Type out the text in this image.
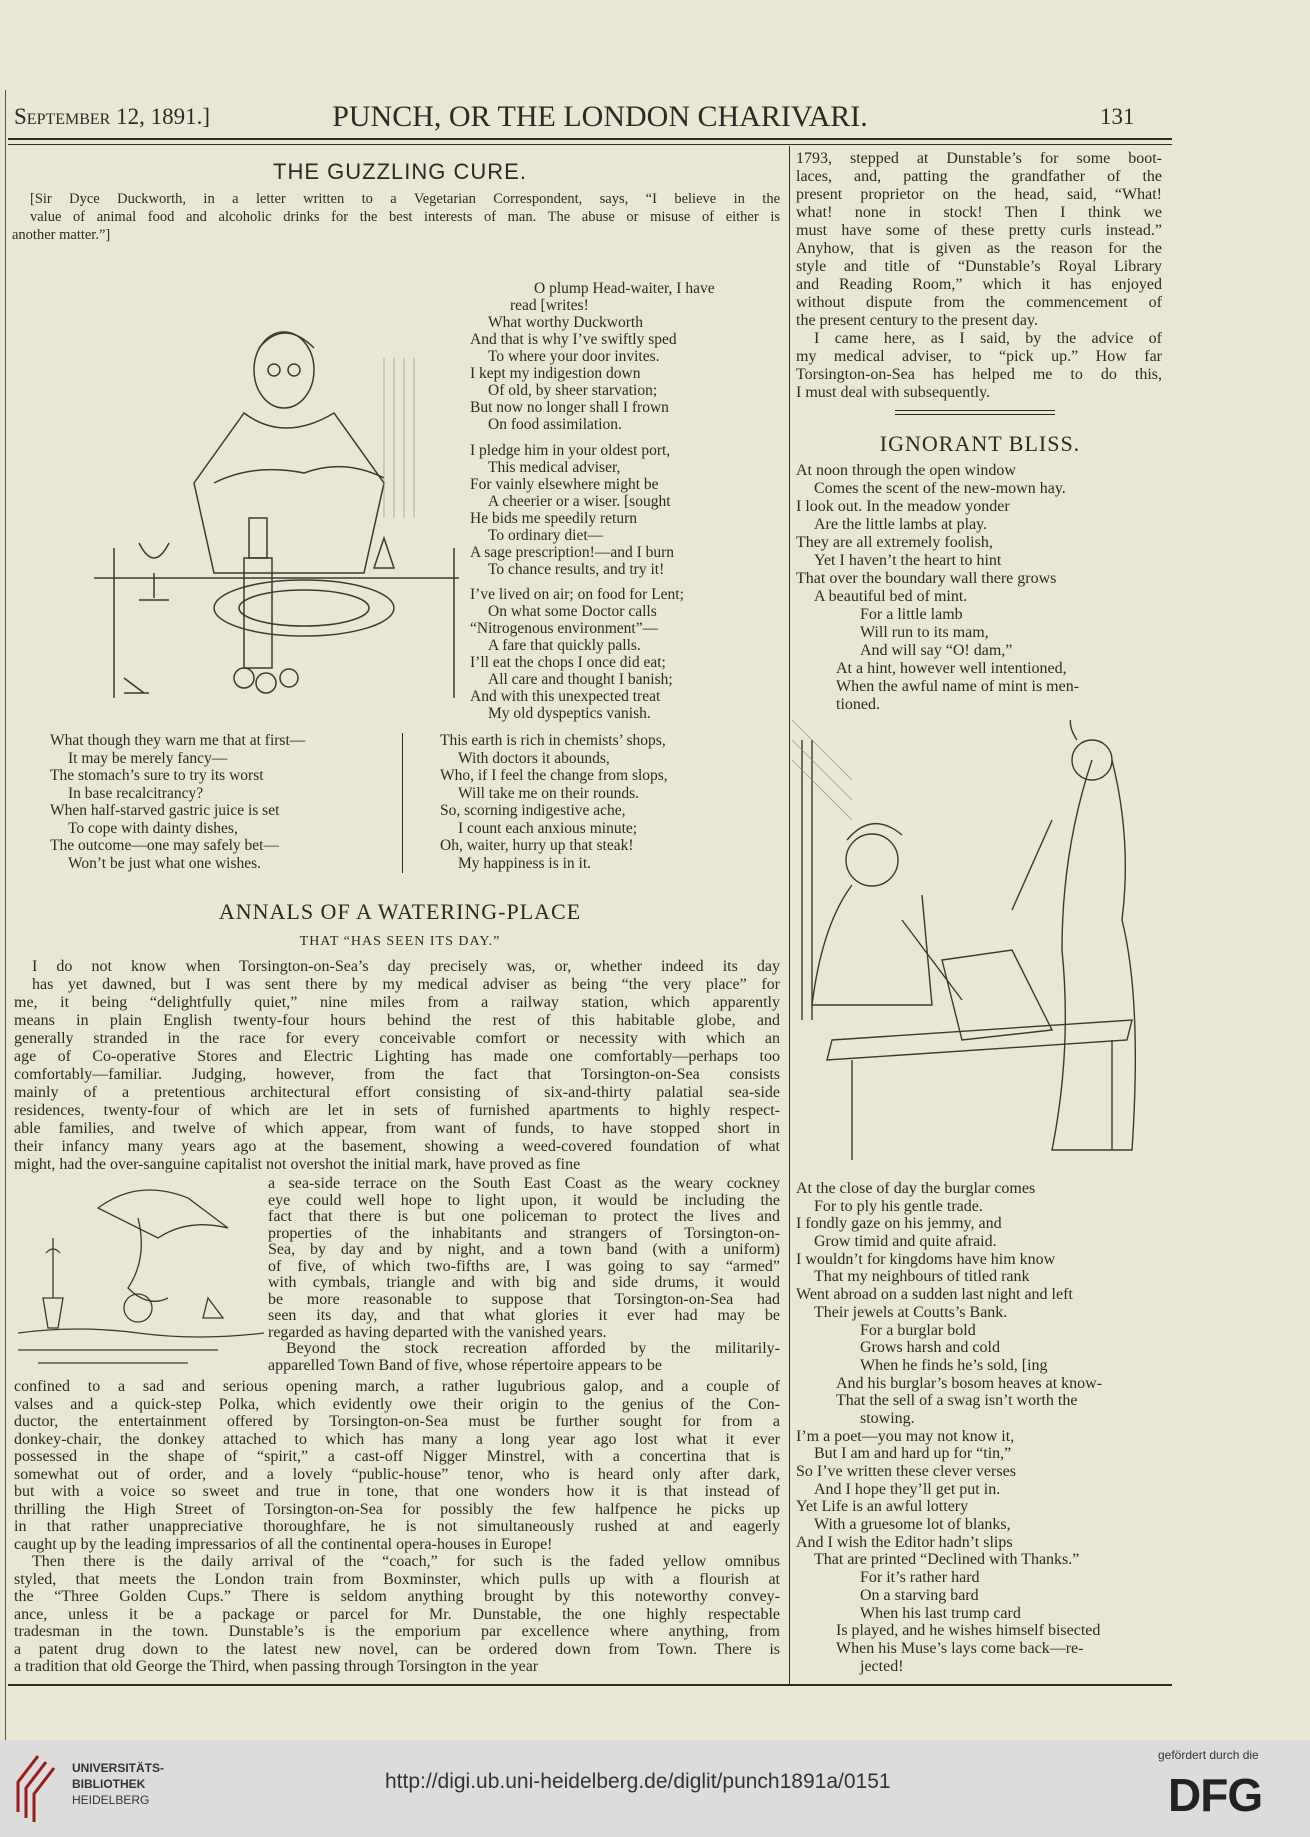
September 12, 1891.]	PUNCH, OR THE LONDON CHARIVARI.	131
THE GUZZLING CURE.
[Sir Dyce Duckworth, in a letter written to a Vegetarian Correspondent, says, “I believe in the
value of animal food and alcoholic drinks for the best interests of man. The abuse or misuse of either is
another matter.”]
O plump Head-waiter, I have
read [writes!
What worthy Duckworth
And that is why I’ve swiftly sped
To where your door invites.
I kept my indigestion down
Of old, by sheer starvation;
But now no longer shall I frown
On food assimilation.
I pledge him in your oldest port,
This medical adviser,
For vainly elsewhere might be
A cheerier or a wiser. [sought
He bids me speedily return
To ordinary diet—
A sage prescription!—and I burn
To chance results, and try it!
I’ve lived on air; on food for Lent;
On what some Doctor calls
“Nitrogenous environment”—
A fare that quickly palls.
I’ll eat the chops I once did eat;
All care and thought I banish;
And with this unexpected treat
My old dyspeptics vanish.
What though they warn me that at first—
It may be merely fancy—
The stomach’s sure to try its worst
In base recalcitrancy?
When half-starved gastric juice is set
To cope with dainty dishes,
The outcome—one may safely bet—
Won’t be just what one wishes.
This earth is rich in chemists’ shops,
With doctors it abounds,
Who, if I feel the change from slops,
Will take me on their rounds.
So, scorning indigestive ache,
I count each anxious minute;
Oh, waiter, hurry up that steak!
My happiness is in it.
ANNALS OF A WATERING-PLACE
THAT “HAS SEEN ITS DAY.”
I do not know when Torsington-on-Sea’s day precisely was, or, whether indeed its day
has yet dawned, but I was sent there by my medical adviser as being “the very place” for
me, it being “delightfully quiet,” nine miles from a railway station, which apparently
means in plain English twenty-four hours behind the rest of this habitable globe, and
generally stranded in the race for every conceivable comfort or necessity with which an
age of Co-operative Stores and Electric Lighting has made one comfortably—perhaps too
comfortably—familiar. Judging, however, from the fact that Torsington-on-Sea consists
mainly of a pretentious architectural effort consisting of six-and-thirty palatial sea-side
residences, twenty-four of which are let in sets of furnished apartments to highly respect-
able families, and twelve of which appear, from want of funds, to have stopped short in
their infancy many years ago at the basement, showing a weed-covered foundation of what
might, had the over-sanguine capitalist not overshot the initial mark, have proved as fine
a sea-side terrace on the South East Coast as the weary cockney
eye could well hope to light upon, it would be including the
fact that there is but one policeman to protect the lives and
properties of the inhabitants and strangers of Torsington-on-
Sea, by day and by night, and a town band (with a uniform)
of five, of which two-fifths are, I was going to say “armed”
with cymbals, triangle and with big and side drums, it would
be more reasonable to suppose that Torsington-on-Sea had
seen its day, and that what glories it ever had may be
regarded as having departed with the vanished years.
Beyond the stock recreation afforded by the militarily-
apparelled Town Band of five, whose répertoire appears to be
confined to a sad and serious opening march, a rather lugubrious galop, and a couple of
valses and a quick-step Polka, which evidently owe their origin to the genius of the Con-
ductor, the entertainment offered by Torsington-on-Sea must be further sought for from a
donkey-chair, the donkey attached to which has many a long year ago lost what it ever
possessed in the shape of “spirit,” a cast-off Nigger Minstrel, with a concertina that is
somewhat out of order, and a lovely “public-house” tenor, who is heard only after dark,
but with a voice so sweet and true in tone, that one wonders how it is that instead of
thrilling the High Street of Torsington-on-Sea for possibly the few halfpence he picks up
in that rather unappreciative thoroughfare, he is not simultaneously rushed at and eagerly
caught up by the leading impressarios of all the continental opera-houses in Europe!
Then there is the daily arrival of the “coach,” for such is the faded yellow omnibus
styled, that meets the London train from Boxminster, which pulls up with a flourish at
the “Three Golden Cups.” There is seldom anything brought by this noteworthy convey-
ance, unless it be a package or parcel for Mr. Dunstable, the one highly respectable
tradesman in the town. Dunstable’s is the emporium par excellence where anything, from
a patent drug down to the latest new novel, can be ordered down from Town. There is
a tradition that old George the Third, when passing through Torsington in the year
1793, stepped at Dunstable’s for some boot-
laces, and, patting the grandfather of the
present proprietor on the head, said, “What!
what! none in stock! Then I think we
must have some of these pretty curls instead.”
Anyhow, that is given as the reason for the
style and title of “Dunstable’s Royal Library
and Reading Room,” which it has enjoyed
without dispute from the commencement of
the present century to the present day.
I came here, as I said, by the advice of
my medical adviser, to “pick up.” How far
Torsington-on-Sea has helped me to do this,
I must deal with subsequently.
IGNORANT BLISS.
At noon through the open window
Comes the scent of the new-mown hay.
I look out. In the meadow yonder
Are the little lambs at play.
They are all extremely foolish,
Yet I haven’t the heart to hint
That over the boundary wall there grows
A beautiful bed of mint.
For a little lamb
Will run to its mam,
And will say “O! dam,”
At a hint, however well intentioned,
When the awful name of mint is men-
tioned.
At the close of day the burglar comes
For to ply his gentle trade.
I fondly gaze on his jemmy, and
Grow timid and quite afraid.
I wouldn’t for kingdoms have him know
That my neighbours of titled rank
Went abroad on a sudden last night and left
Their jewels at Coutts’s Bank.
For a burglar bold
Grows harsh and cold
When he finds he’s sold, [ing
And his burglar’s bosom heaves at know-
That the sell of a swag isn’t worth the
stowing.
I’m a poet—you may not know it,
But I am and hard up for “tin,”
So I’ve written these clever verses
And I hope they’ll get put in.
Yet Life is an awful lottery
With a gruesome lot of blanks,
And I wish the Editor hadn’t slips
That are printed “Declined with Thanks.”
For it’s rather hard
On a starving bard
When his last trump card
Is played, and he wishes himself bisected
When his Muse’s lays come back—re-
jected!
UNIVERSITÄTS-
BIBLIOTHEK
HEIDELBERG
http://digi.ub.uni-heidelberg.de/diglit/punch1891a/0151
gefördert durch die
DFG
